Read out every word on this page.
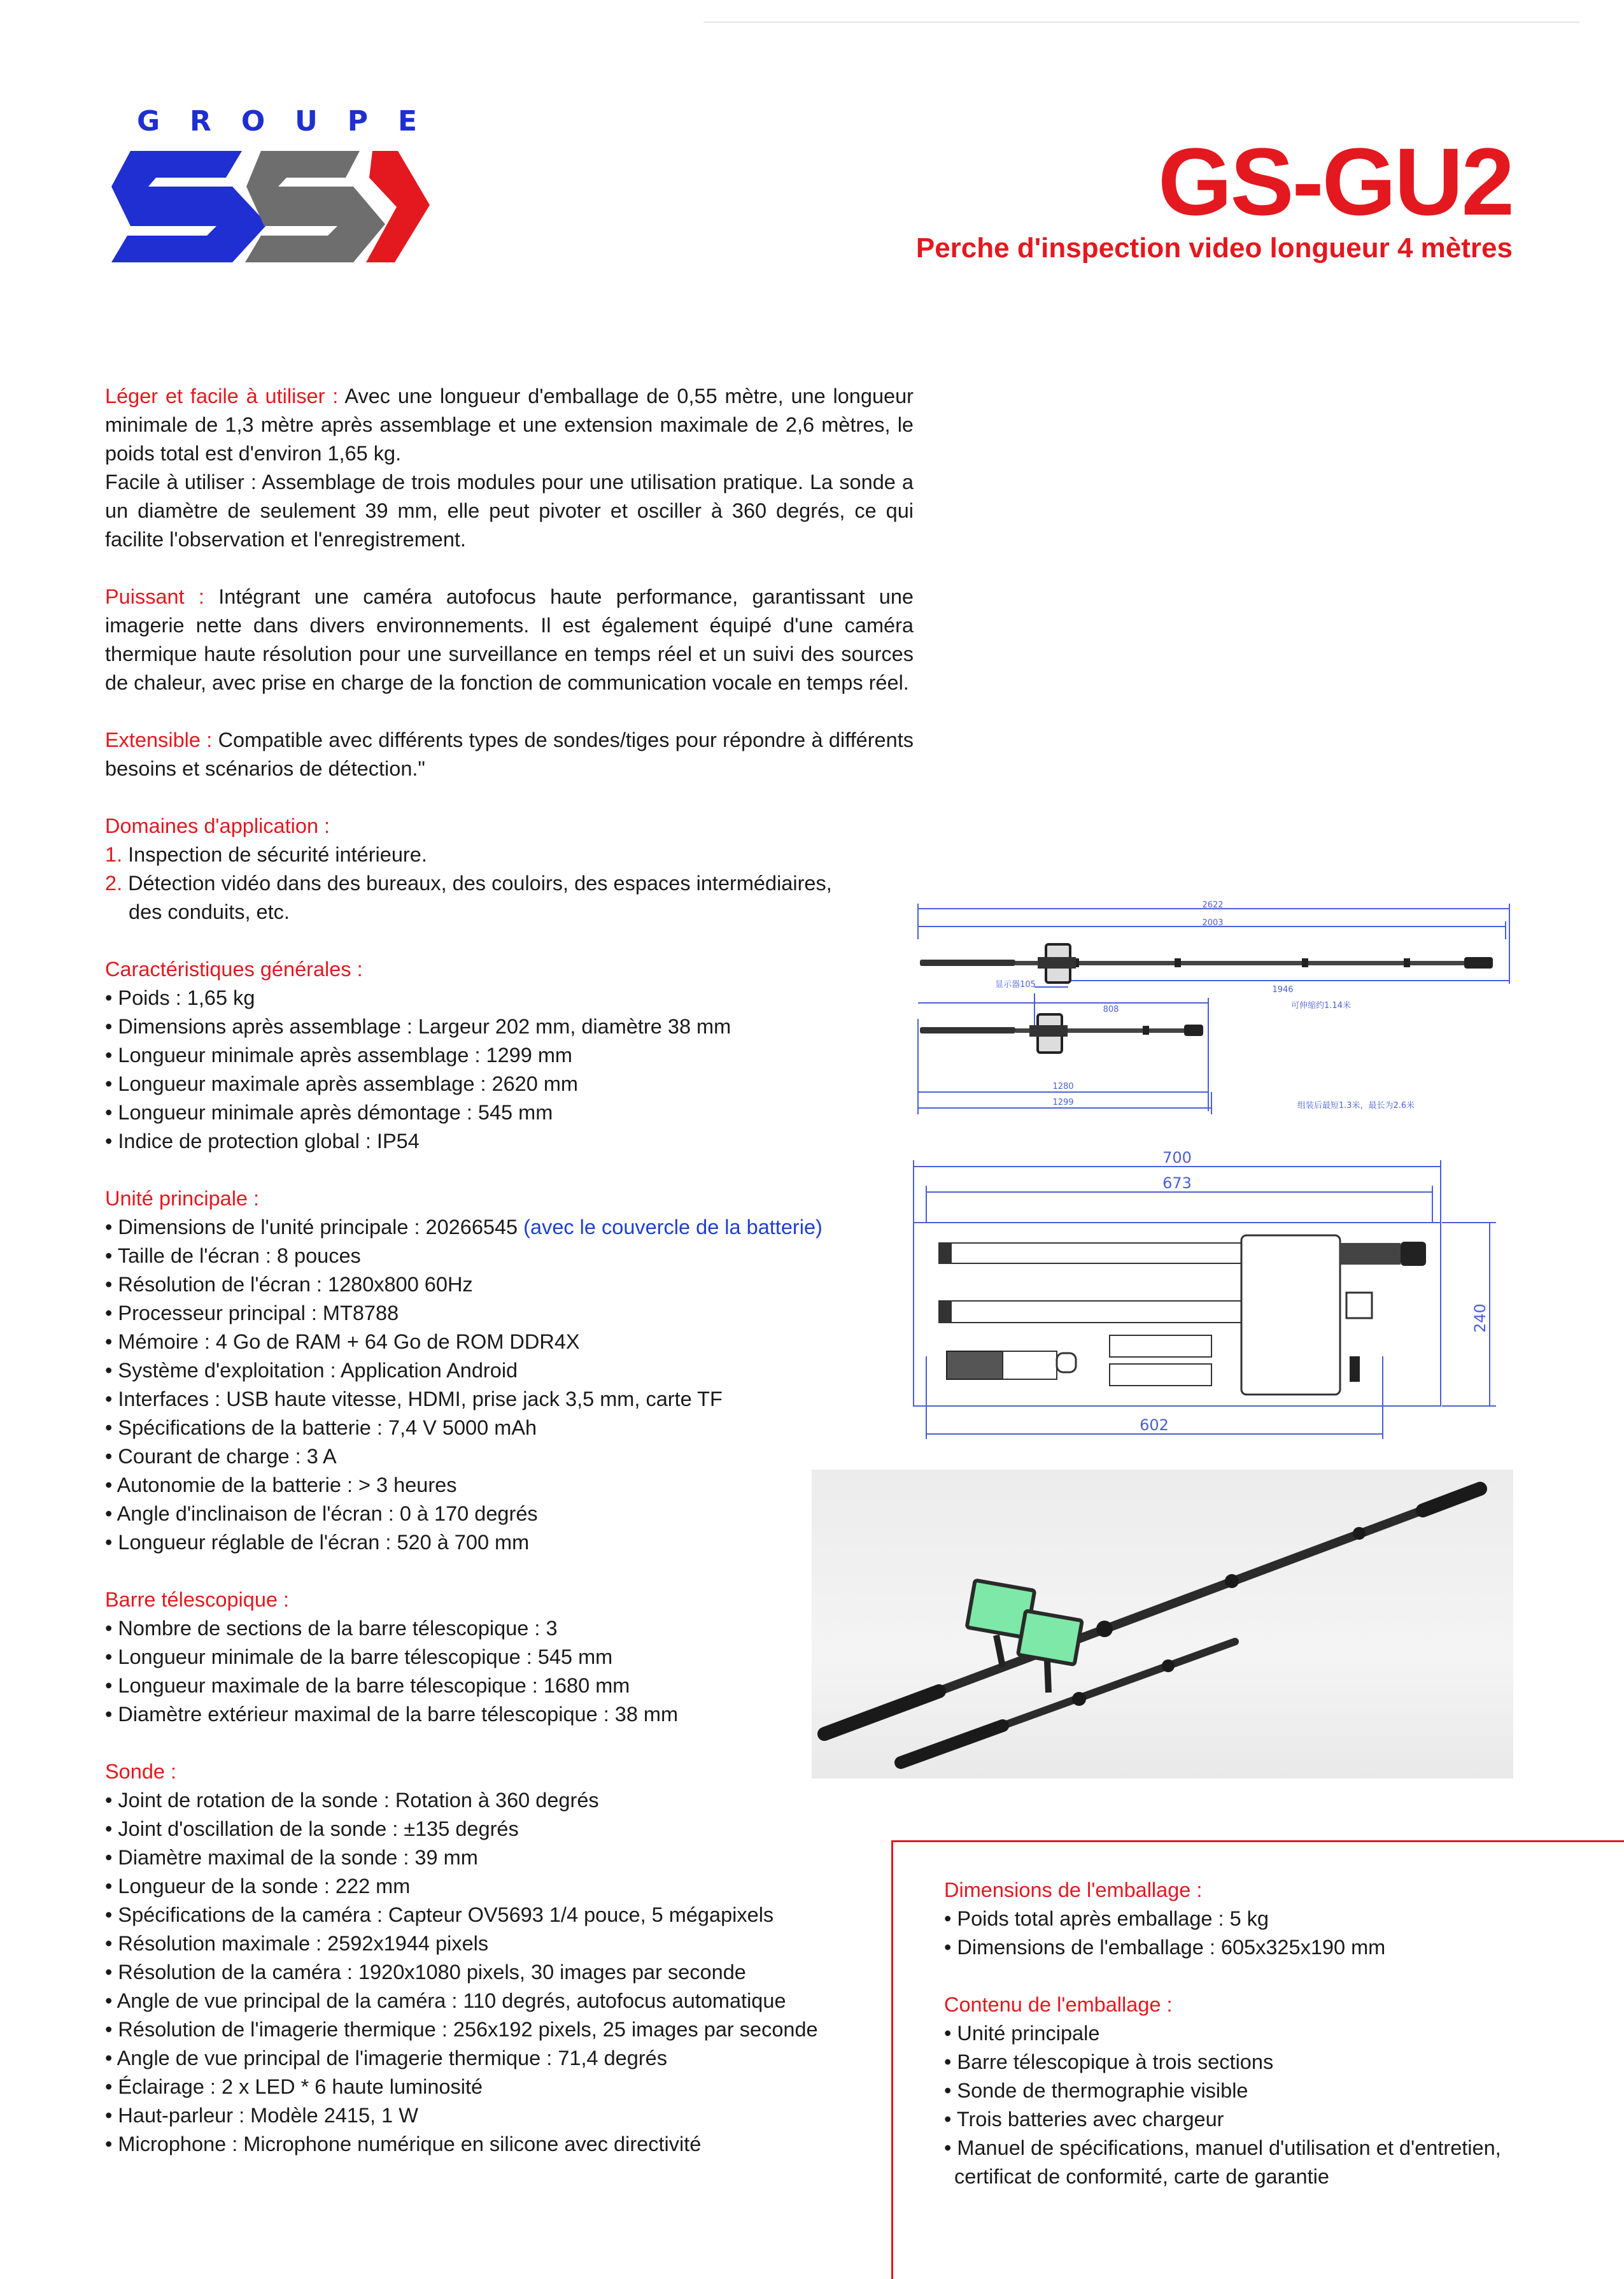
G R O U P E
GS-GU2
Perche d'inspection video longueur 4 mètres

Léger et facile à utiliser : Avec une longueur d'emballage de 0,55 mètre, une longueur minimale de 1,3 mètre après assemblage et une extension maximale de 2,6 mètres, le poids total est d'environ 1,65 kg.

Facile à utiliser : Assemblage de trois modules pour une utilisation pratique. La sonde a un diamètre de seulement 39 mm, elle peut pivoter et osciller à 360 degrés, ce qui facilite l'observation et l'enregistrement.

Puissant : Intégrant une caméra autofocus haute performance, garantissant une imagerie nette dans divers environnements. Il est également équipé d'une caméra thermique haute résolution pour une surveillance en temps réel et un suivi des sources de chaleur, avec prise en charge de la fonction de communication vocale en temps réel.

Extensible : Compatible avec différents types de sondes/tiges pour répondre à différents besoins et scénarios de détection."

Domaines d'application :

1. Inspection de sécurité intérieure.

2. Détection vidéo dans des bureaux, des couloirs, des espaces intermédiaires,
des conduits, etc.

Caractéristiques générales :

• Poids : 1,65 kg

• Dimensions après assemblage : Largeur 202 mm, diamètre 38 mm

• Longueur minimale après assemblage : 1299 mm

• Longueur maximale après assemblage : 2620 mm

• Longueur minimale après démontage : 545 mm

• Indice de protection global : IP54

Unité principale :

• Dimensions de l'unité principale : 20266545 (avec le couvercle de la batterie)

• Taille de l'écran : 8 pouces

• Résolution de l'écran : 1280x800 60Hz

• Processeur principal : MT8788

• Mémoire : 4 Go de RAM + 64 Go de ROM DDR4X

• Système d'exploitation : Application Android

• Interfaces : USB haute vitesse, HDMI, prise jack 3,5 mm, carte TF

• Spécifications de la batterie : 7,4 V 5000 mAh

• Courant de charge : 3 A

• Autonomie de la batterie : > 3 heures

• Angle d'inclinaison de l'écran : 0 à 170 degrés

• Longueur réglable de l'écran : 520 à 700 mm

Barre télescopique :

• Nombre de sections de la barre télescopique : 3

• Longueur minimale de la barre télescopique : 545 mm

• Longueur maximale de la barre télescopique : 1680 mm

• Diamètre extérieur maximal de la barre télescopique : 38 mm

Sonde :

• Joint de rotation de la sonde : Rotation à 360 degrés

• Joint d'oscillation de la sonde : ±135 degrés

• Diamètre maximal de la sonde : 39 mm

• Longueur de la sonde : 222 mm

• Spécifications de la caméra : Capteur OV5693 1/4 pouce, 5 mégapixels

• Résolution maximale : 2592x1944 pixels

• Résolution de la caméra : 1920x1080 pixels, 30 images par seconde

• Angle de vue principal de la caméra : 110 degrés, autofocus automatique

• Résolution de l'imagerie thermique : 256x192 pixels, 25 images par seconde

• Angle de vue principal de l'imagerie thermique : 71,4 degrés

• Éclairage : 2 x LED * 6 haute luminosité

• Haut-parleur : Modèle 2415, 1 W

• Microphone : Microphone numérique en silicone avec directivité

2622
2003
显示器105
1946
可伸缩约1.14米
808
1280
1299	组装后最短1.3米，最长为2.6米
700
673
602
240

Dimensions de l'emballage :

• Poids total après emballage : 5 kg

• Dimensions de l'emballage : 605x325x190 mm

Contenu de l'emballage :

• Unité principale

• Barre télescopique à trois sections

• Sonde de thermographie visible

• Trois batteries avec chargeur

• Manuel de spécifications, manuel d'utilisation et d'entretien,

certificat de conformité, carte de garantie
